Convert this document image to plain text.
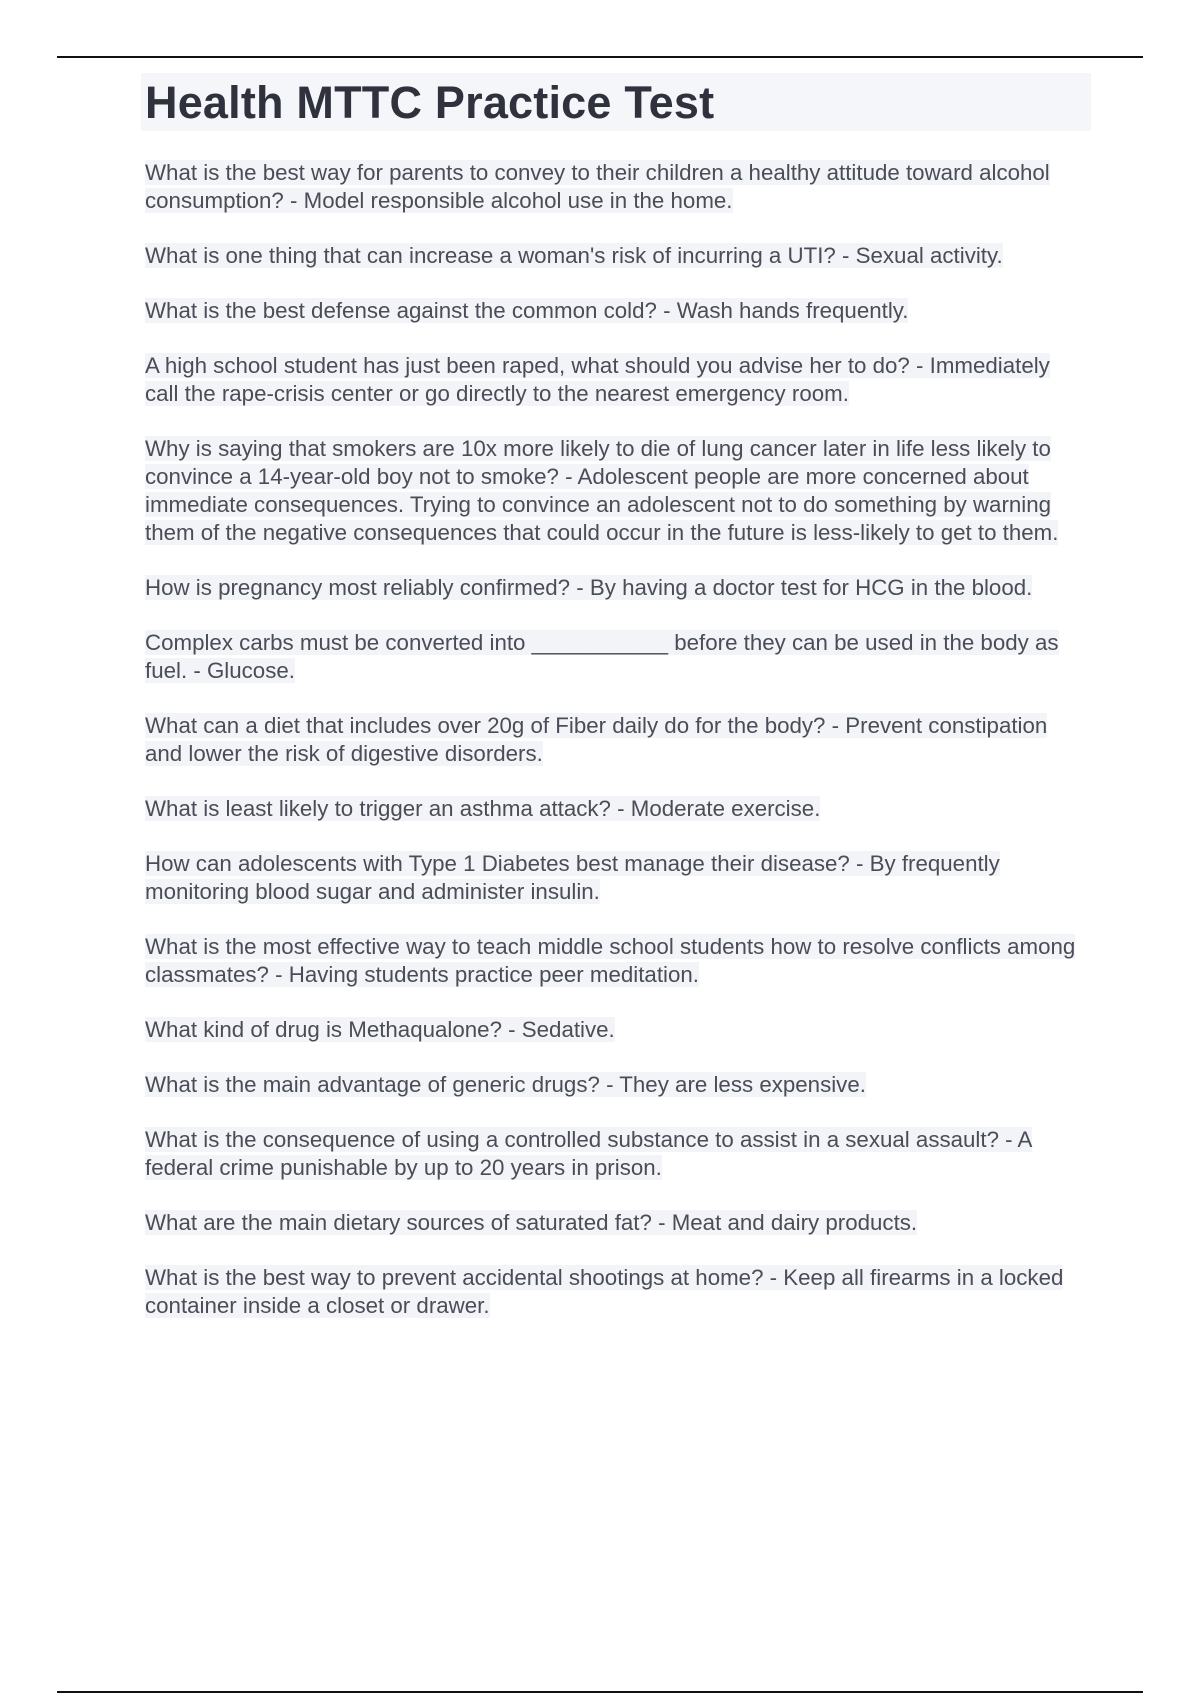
Health MTTC Practice Test

What is the best way for parents to convey to their children a healthy attitude toward alcohol consumption? - Model responsible alcohol use in the home.

What is one thing that can increase a woman's risk of incurring a UTI? - Sexual activity.

What is the best defense against the common cold? - Wash hands frequently.

A high school student has just been raped, what should you advise her to do? - Immediately call the rape-crisis center or go directly to the nearest emergency room.

Why is saying that smokers are 10x more likely to die of lung cancer later in life less likely to convince a 14-year-old boy not to smoke? - Adolescent people are more concerned about immediate consequences. Trying to convince an adolescent not to do something by warning them of the negative consequences that could occur in the future is less-likely to get to them.

How is pregnancy most reliably confirmed? - By having a doctor test for HCG in the blood.

Complex carbs must be converted into ___________ before they can be used in the body as fuel. - Glucose.

What can a diet that includes over 20g of Fiber daily do for the body? - Prevent constipation and lower the risk of digestive disorders.

What is least likely to trigger an asthma attack? - Moderate exercise.

How can adolescents with Type 1 Diabetes best manage their disease? - By frequently monitoring blood sugar and administer insulin.

What is the most effective way to teach middle school students how to resolve conflicts among classmates? - Having students practice peer meditation.

What kind of drug is Methaqualone? - Sedative.

What is the main advantage of generic drugs? - They are less expensive.

What is the consequence of using a controlled substance to assist in a sexual assault? - A federal crime punishable by up to 20 years in prison.

What are the main dietary sources of saturated fat? - Meat and dairy products.

What is the best way to prevent accidental shootings at home? - Keep all firearms in a locked container inside a closet or drawer.
